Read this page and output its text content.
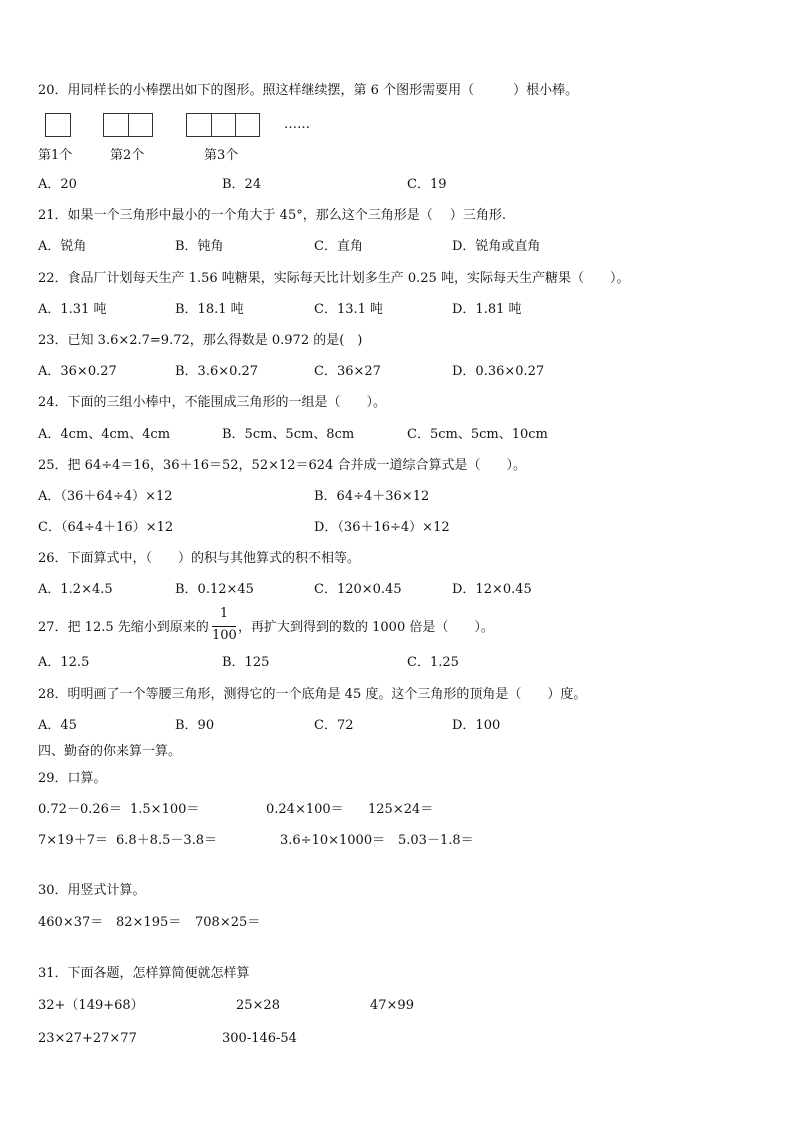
20．用同样长的小棒摆出如下的图形。照这样继续摆，第 6 个图形需要用（　　　）根小棒。
……
第1个	第2个	第3个
A．20	B．24	C．19
21．如果一个三角形中最小的一个角大于 45°，那么这个三角形是（　 ）三角形.
A．锐角	B．钝角	C．直角	D．锐角或直角
22．食品厂计划每天生产 1.56 吨糖果，实际每天比计划多生产 0.25 吨，实际每天生产糖果（　　）。
A．1.31 吨	B．18.1 吨	C．13.1 吨	D．1.81 吨
23．已知 3.6×2.7=9.72，那么得数是 0.972 的是(　)
A．36×0.27	B．3.6×0.27	C．36×27	D．0.36×0.27
24．下面的三组小棒中，不能围成三角形的一组是（　　）。
A．4cm、4cm、4cm	B．5cm、5cm、8cm	C．5cm、5cm、10cm
25．把 64÷4＝16，36＋16＝52，52×12＝624 合并成一道综合算式是（　　）。
A．（36＋64÷4）×12	B．64÷4＋36×12
C．（64÷4＋16）×12	D．（36＋16÷4）×12
26．下面算式中，（　　）的积与其他算式的积不相等。
A．1.2×4.5	B．0.12×45	C．120×0.45	D．12×0.45
27．把 12.5 先缩小到原来的
1
100
，再扩大到得到的数的 1000 倍是（　　）。
A．12.5	B．125	C．1.25
28．明明画了一个等腰三角形，测得它的一个底角是 45 度。这个三角形的顶角是（　　）度。
A．45	B．90	C．72	D．100
四、勤奋的你来算一算。
29．口算。
0.72－0.26＝ 1.5×100＝	0.24×100＝ 125×24＝
7×19＋7＝ 6.8＋8.5－3.8＝	3.6÷10×1000＝ 5.03－1.8＝
30．用竖式计算。
460×37＝ 82×195＝ 708×25＝
31．下面各题，怎样算简便就怎样算
32+（149+68）	25×28	47×99
23×27+27×77	300-146-54
